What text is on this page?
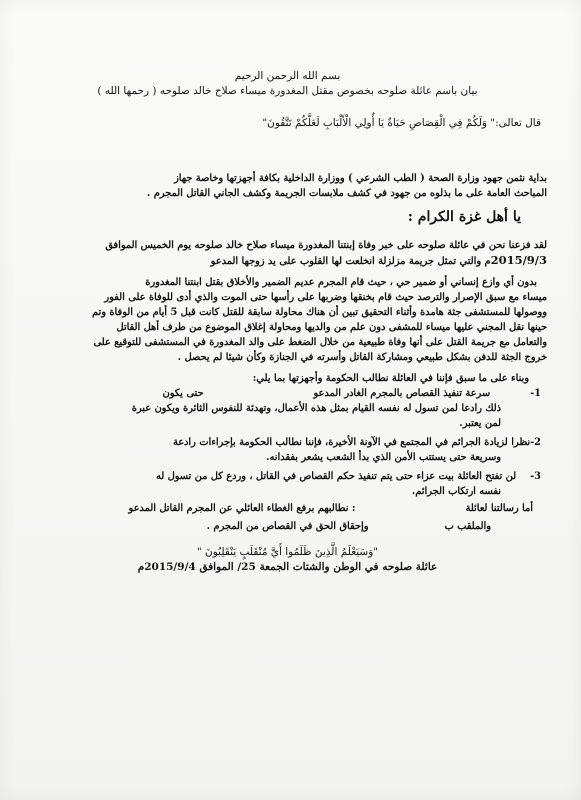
بسم الله الرحمن الرحيم
بيان باسم عائلة صلوحه بخصوص مقتل المغدورة ميساء صلاح خالد صلوحه ( رحمها الله )
قال تعالى:" وَلَكُمْ فِي الْقِصَاصِ حَيَاةٌ يَا أُولِي الْأَلْبَابِ لَعَلَّكُمْ تَتَّقُونَ"
بداية نثمن جهود وزارة الصحة ( الطب الشرعي ) ووزارة الداخلية بكافة أجهزتها وخاصة جهاز
المباحث العامة على ما بذلوه من جهود في كشف ملابسات الجريمة وكشف الجاني القاتل المجرم .
يا أهل غزة الكرام :
لقد فزعنا نحن في عائلة صلوحه على خبر وفاة إبنتنا المغدورة ميساء صلاح خالد صلوحه يوم الخميس الموافق
2015/9/3م والتي تمثل جريمة مزلزلة انخلعت لها القلوب على يد زوجها المدعو
بدون أي وازع إنساني أو ضمير حي ، حيث قام المجرم عديم الضمير والأخلاق بقتل ابنتنا المغدورة
ميساء مع سبق الإصرار والترصد حيث قام بخنقها وضربها على رأسها حتى الموت والذي أدى للوفاة على الفور
ووصولها للمستشفى جثة هامدة وأثناء التحقيق تبين أن هناك محاولة سابقة للقتل كانت قبل 5 أيام من الوفاة وتم
حينها نقل المجني عليها ميساء للمشفى دون علم من والديها ومحاولة إغلاق الموضوع من طرف أهل القاتل
والتعامل مع جريمة القتل على أنها وفاة طبيعية من خلال الضغط على والد المغدورة في المستشفى للتوقيع على
خروج الجثة للدفن بشكل طبيعي ومشاركة القاتل وأسرته في الجنازة وكأن شيئا لم يحصل .
وبناء على ما سبق فإننا في العائلة نطالب الحكومة وأجهزتها بما يلي:
1-سرعة تنفيذ القصاص بالمجرم الغادر المدعوحتى يكون
ذلك رادعا لمن تسول له نفسه القيام بمثل هذه الأعمال، وتهدئة للنفوس الثائرة ويكون عبرة
لمن يعتبر.
2-نظرا لزيادة الجرائم في المجتمع في الآونة الأخيرة، فإننا نطالب الحكومة بإجراءات رادعة
وسريعة حتى يستتب الأمن الذي بدأ الشعب يشعر بفقدانه.
3-لن تفتح العائلة بيت عزاء حتى يتم تنفيذ حكم القصاص في القاتل ، وردع كل من تسول له
نفسه ارتكاب الجرائم.
أما رسالتنا لعائلة: نطالبهم برفع الغطاء العائلي عن المجرم القاتل المدعو
والملقب بوإحقاق الحق في القصاص من المجرم .
"وَسَيَعْلَمُ الَّذِينَ ظَلَمُوا أَيَّ مُنْقَلَبٍ يَنْقَلِبُونَ "
عائلة صلوحه في الوطن والشتات الجمعة 25/ الموافق 2015/9/4م
